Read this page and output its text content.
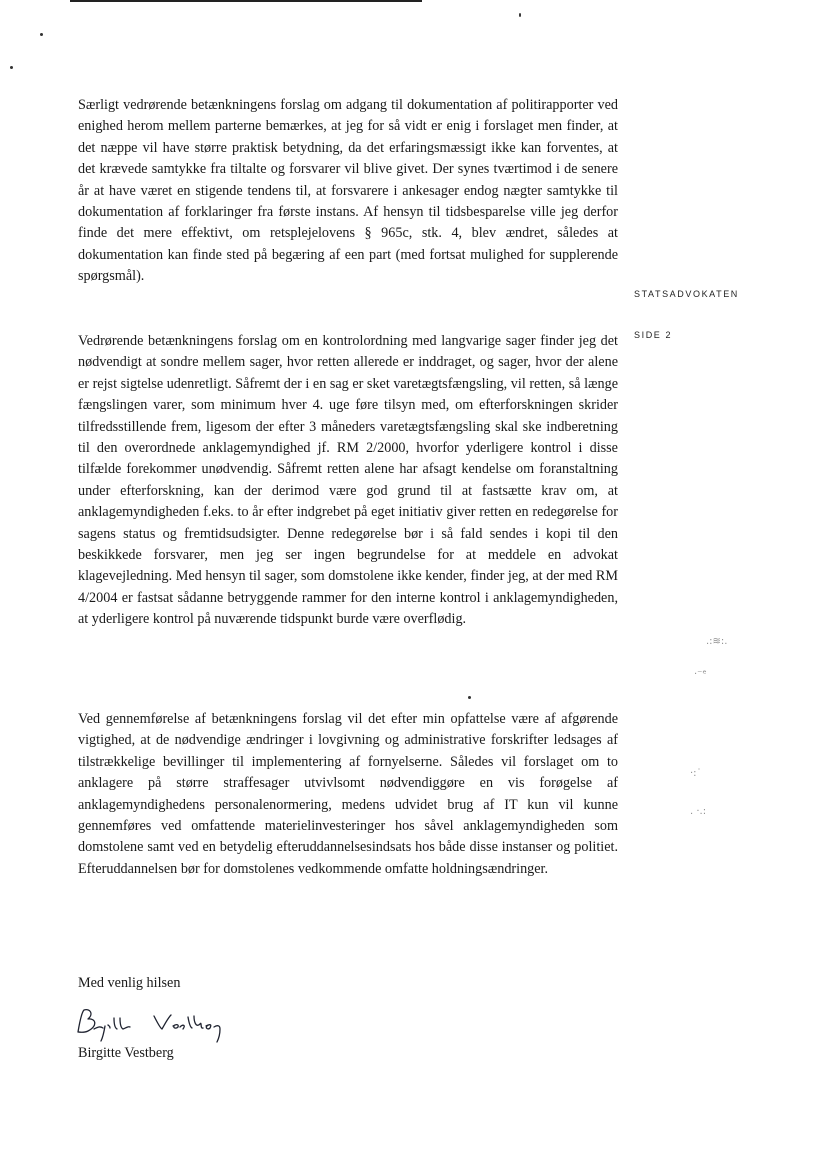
Særligt vedrørende betænkningens forslag om adgang til dokumentation af politirapporter ved enighed herom mellem parterne bemærkes, at jeg for så vidt er enig i forslaget men finder, at det næppe vil have større praktisk betydning, da det erfaringsmæssigt ikke kan forventes, at det krævede samtykke fra tiltalte og forsvarer vil blive givet. Der synes tværtimod i de senere år at have været en stigende tendens til, at forsvarere i ankesager endog nægter samtykke til dokumentation af forklaringer fra første instans. Af hensyn til tidsbesparelse ville jeg derfor finde det mere effektivt, om retsplejelovens § 965c, stk. 4, blev ændret, således at dokumentation kan finde sted på begæring af een part (med fortsat mulighed for supplerende spørgsmål).

Vedrørende betænkningens forslag om en kontrolordning med langvarige sager finder jeg det nødvendigt at sondre mellem sager, hvor retten allerede er inddraget, og sager, hvor der alene er rejst sigtelse udenretligt. Såfremt der i en sag er sket varetægtsfængsling, vil retten, så længe fængslingen varer, som minimum hver 4. uge føre tilsyn med, om efterforskningen skrider tilfredsstillende frem, ligesom der efter 3 måneders varetægtsfængsling skal ske indberetning til den overordnede anklagemyndighed jf. RM 2/2000, hvorfor yderligere kontrol i disse tilfælde forekommer unødvendig. Såfremt retten alene har afsagt kendelse om foranstaltning under efterforskning, kan der derimod være god grund til at fastsætte krav om, at anklagemyndigheden f.eks. to år efter indgrebet på eget initiativ giver retten en redegørelse for sagens status og fremtidsudsigter. Denne redegørelse bør i så fald sendes i kopi til den beskikkede forsvarer, men jeg ser ingen begrundelse for at meddele en advokat klagevejledning. Med hensyn til sager, som domstolene ikke kender, finder jeg, at der med RM 4/2004 er fastsat sådanne betryggende rammer for den interne kontrol i anklagemyndigheden, at yderligere kontrol på nuværende tidspunkt burde være overflødig.

Ved gennemførelse af betænkningens forslag vil det efter min opfattelse være af afgørende vigtighed, at de nødvendige ændringer i lovgivning og administrative forskrifter ledsages af tilstrækkelige bevillinger til implementering af fornyelserne. Således vil forslaget om to anklagere på større straffesager utvivlsomt nødvendiggøre en vis forøgelse af anklagemyndighedens personalenormering, medens udvidet brug af IT kun vil kunne gennemføres ved omfattende materielinvesteringer hos såvel anklagemyndigheden som domstolene samt ved en betydelig efteruddannelsesindsats hos både disse instanser og politiet. Efteruddannelsen bør for domstolenes vedkommende omfatte holdningsændringer.

STATSADVOKATEN
SIDE 2
.:≋:.
·⁻ᵉ
·:˙
. ·.:
Med venlig hilsen
Birgitte Vestberg
